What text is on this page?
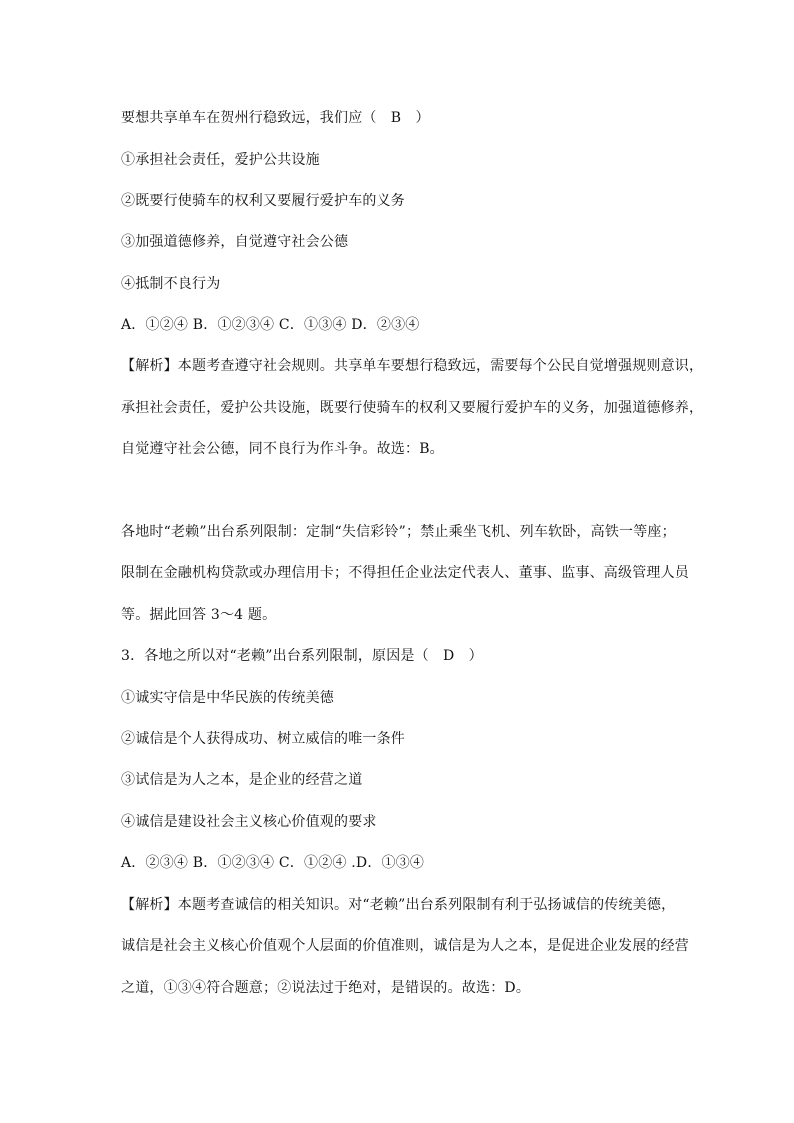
要想共享单车在贺州行稳致远，我们应（　B　）
①承担社会责任，爱护公共设施
②既要行使骑车的权利又要履行爱护车的义务
③加强道德修养，自觉遵守社会公德
④抵制不良行为
A．①②④ B．①②③④ C．①③④ D．②③④
【解析】本题考查遵守社会规则。共享单车要想行稳致远，需要每个公民自觉增强规则意识，
承担社会责任，爱护公共设施，既要行使骑车的权利又要履行爱护车的义务，加强道德修养，
自觉遵守社会公德，同不良行为作斗争。故选：B。
各地时“老赖”出台系列限制：定制“失信彩铃”；禁止乘坐飞机、列车软卧，高铁一等座；
限制在金融机构贷款或办理信用卡；不得担任企业法定代表人、董事、监事、高级管理人员
等。据此回答 3～4 题。
3．各地之所以对“老赖”出台系列限制，原因是（　D　）
①诚实守信是中华民族的传统美德
②诚信是个人获得成功、树立威信的唯一条件
③试信是为人之本，是企业的经营之道
④诚信是建设社会主义核心价值观的要求
A．②③④ B．①②③④ C．①②④ .D．①③④
【解析】本题考查诚信的相关知识。对“老赖”出台系列限制有利于弘扬诚信的传统美德，
诚信是社会主义核心价值观个人层面的价值准则，诚信是为人之本，是促进企业发展的经营
之道，①③④符合题意；②说法过于绝对，是错误的。故选：D。
